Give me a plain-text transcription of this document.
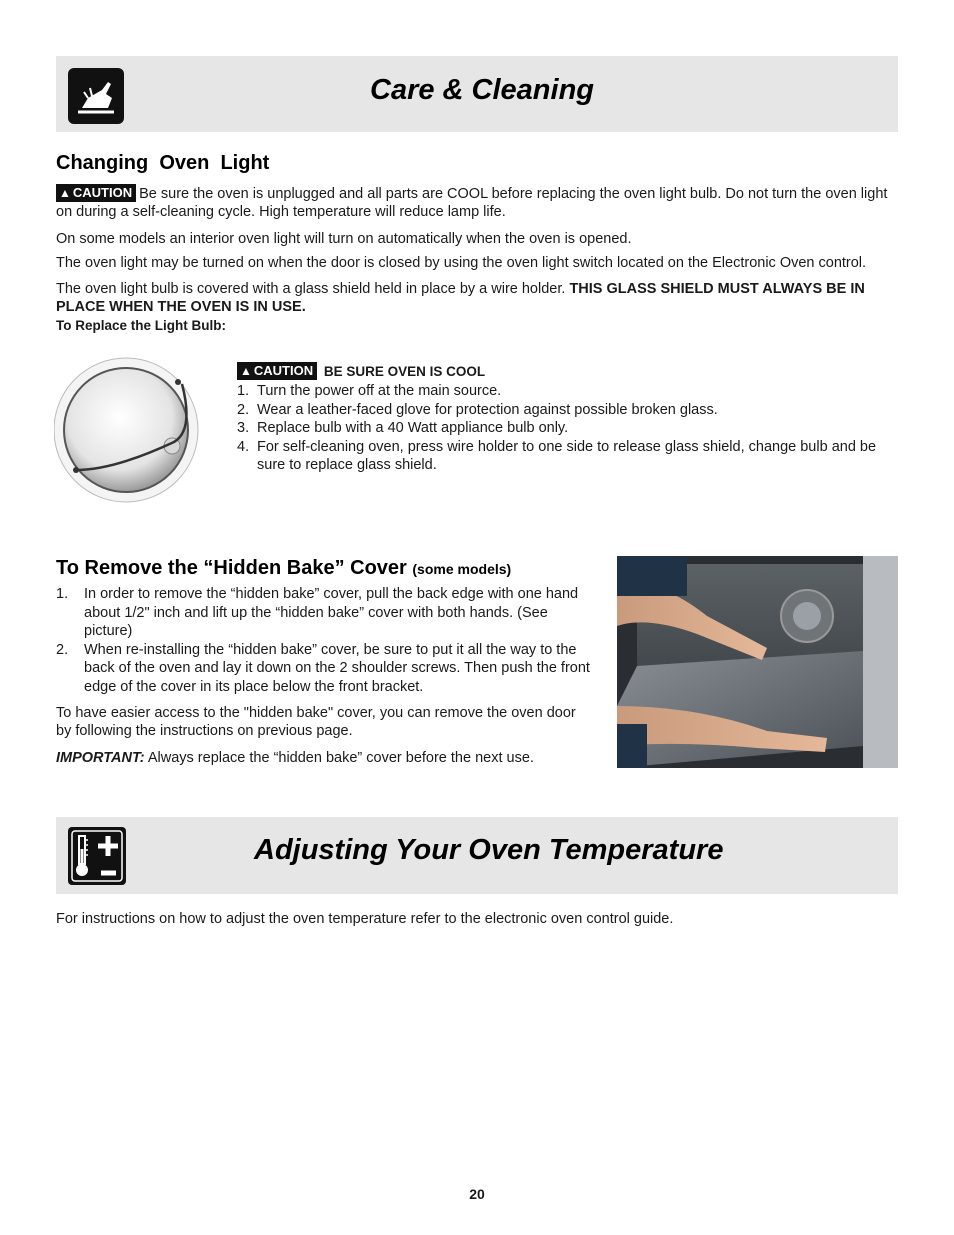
Care & Cleaning
Changing  Oven  Light

▲ CAUTION Be sure the oven is unplugged and all parts are COOL before replacing the oven light bulb. Do not turn the oven light on during a self-cleaning cycle. High temperature will reduce lamp life.

On some models an interior oven light will turn on automatically when the oven is opened.

The oven light may be turned on when the door is closed by using the oven light switch located on the Electronic Oven control.

The oven light bulb is covered with a glass shield held in place by a wire holder. THIS GLASS SHIELD MUST ALWAYS BE IN PLACE WHEN THE OVEN IS IN USE.

To Replace the Light Bulb:

▲ CAUTION BE SURE OVEN IS COOL

1. Turn the power off at the main source.
2. Wear a leather-faced glove for protection against possible broken glass.
3. Replace bulb with a 40 Watt appliance bulb only.
4. For self-cleaning oven, press wire holder to one side to release glass shield, change bulb and be sure to replace glass shield.
To Remove the “Hidden Bake” Cover (some models)
1. In order to remove the “hidden bake” cover, pull the back edge with one hand about 1/2" inch and lift up the “hidden bake” cover with both hands. (See picture)
2. When re-installing the “hidden bake” cover, be sure to put it all the way to the back of the oven and lay it down on the 2 shoulder screws. Then push the front edge of the cover in its place below the front bracket.

To have easier access to the "hidden bake" cover, you can remove the oven door by following the instructions on previous page.

IMPORTANT: Always replace the “hidden bake” cover before the next use.

Adjusting Your Oven Temperature

For instructions on how to adjust the oven temperature refer to the electronic oven control guide.

20
